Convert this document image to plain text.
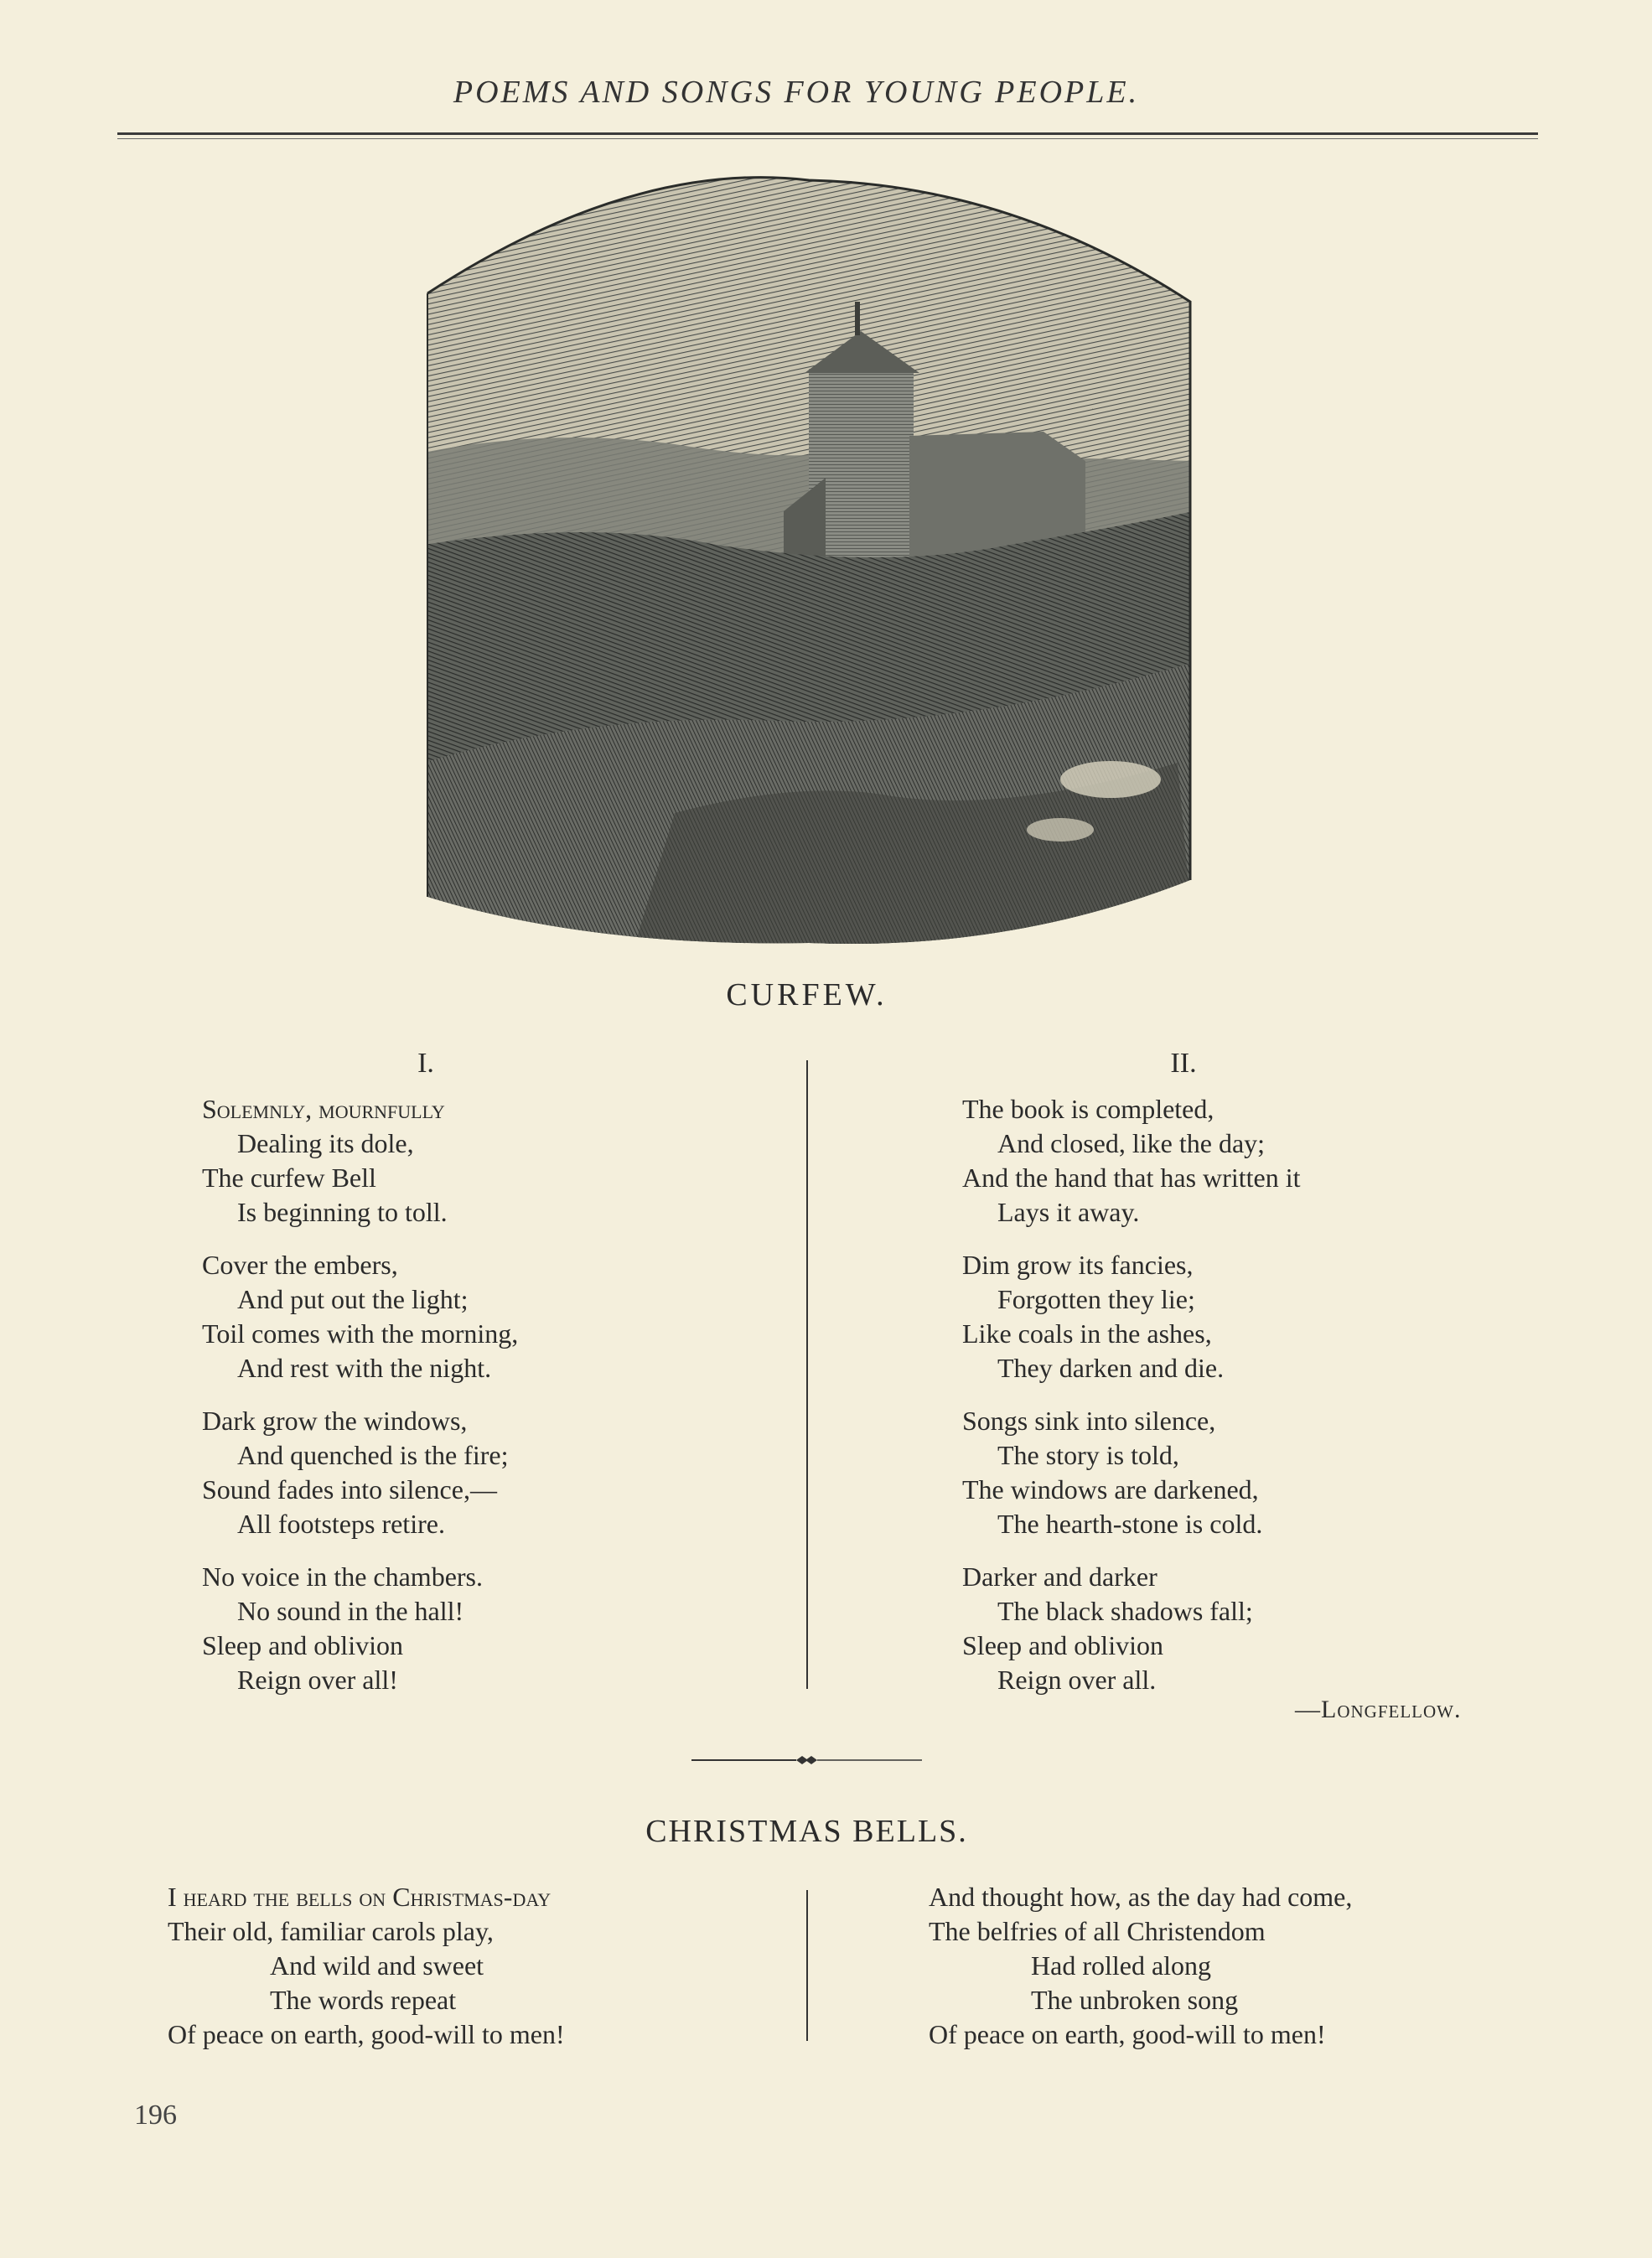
POEMS AND SONGS FOR YOUNG PEOPLE.
CURFEW.
I.	II.
Solemnly, mournfully
Dealing its dole,
The curfew Bell
Is beginning to toll.
Cover the embers,
And put out the light;
Toil comes with the morning,
And rest with the night.
Dark grow the windows,
And quenched is the fire;
Sound fades into silence,—
All footsteps retire.
No voice in the chambers.
No sound in the hall!
Sleep and oblivion
Reign over all!
The book is completed,
And closed, like the day;
And the hand that has written it
Lays it away.
Dim grow its fancies,
Forgotten they lie;
Like coals in the ashes,
They darken and die.
Songs sink into silence,
The story is told,
The windows are darkened,
The hearth-stone is cold.
Darker and darker
The black shadows fall;
Sleep and oblivion
Reign over all.
—Longfellow.
CHRISTMAS BELLS.
I heard the bells on Christmas-day
Their old, familiar carols play,
And wild and sweet
The words repeat
Of peace on earth, good-will to men!
And thought how, as the day had come,
The belfries of all Christendom
Had rolled along
The unbroken song
Of peace on earth, good-will to men!
196
